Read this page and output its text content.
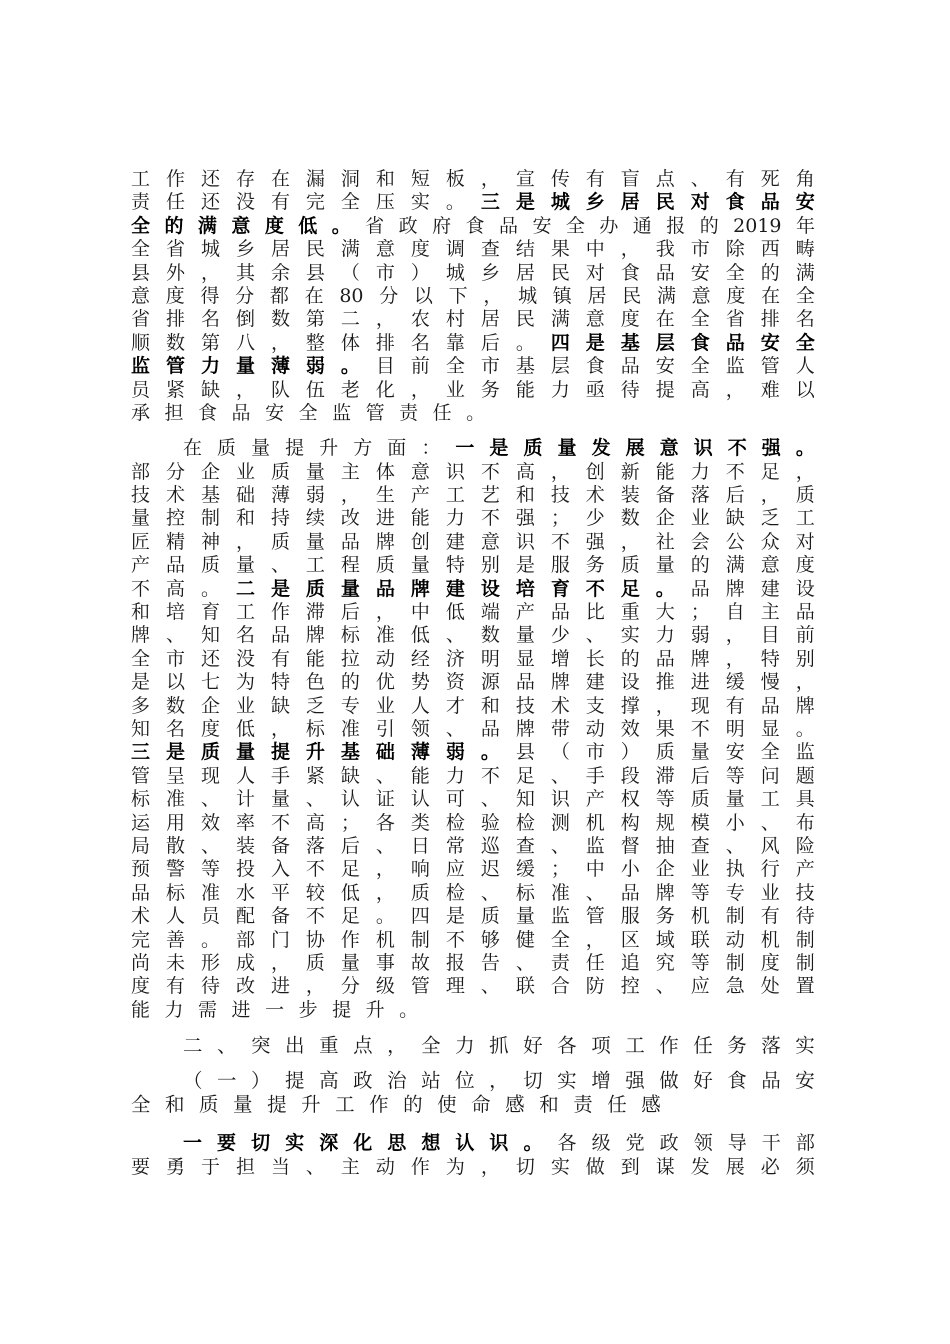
工 作 还 存 在 漏 洞 和 短 板 ， 宣 传 有 盲 点 、 有 死 角
责 任 还 没 有 完 全 压 实 。 三 是 城 乡 居 民 对 食 品 安
全 的 满 意 度 低 。 省 政 府 食 品 安 全 办 通 报 的 2019 年
全 省 城 乡 居 民 满 意 度 调 查 结 果 中 ， 我 市 除 西 畴
县 外 ， 其 余 县 （ 市 ） 城 乡 居 民 对 食 品 安 全 的 满
意 度 得 分 都 在 80 分 以 下 ， 城 镇 居 民 满 意 度 在 全
省 排 名 倒 数 第 二 ， 农 村 居 民 满 意 度 在 全 省 排 名
顺 数 第 八 ， 整 体 排 名 靠 后 。 四 是 基 层 食 品 安 全
监 管 力 量 薄 弱 。 目 前 全 市 基 层 食 品 安 全 监 管 人
员 紧 缺 ， 队 伍 老 化 ， 业 务 能 力 亟 待 提 高 ， 难 以
承 担 食 品 安 全 监 管 责 任 。
在 质 量 提 升 方 面 ： 一 是 质 量 发 展 意 识 不 强 。
部 分 企 业 质 量 主 体 意 识 不 高 ， 创 新 能 力 不 足 ，
技 术 基 础 薄 弱 ， 生 产 工 艺 和 技 术 装 备 落 后 ， 质
量 控 制 和 持 续 改 进 能 力 不 强 ； 少 数 企 业 缺 乏 工
匠 精 神 ， 质 量 品 牌 创 建 意 识 不 强 ， 社 会 公 众 对
产 品 质 量 、 工 程 质 量 特 别 是 服 务 质 量 的 满 意 度
不 高 。 二 是 质 量 品 牌 建 设 培 育 不 足 。 品 牌 建 设
和 培 育 工 作 滞 后 ， 中 低 端 产 品 比 重 大 ； 自 主 品
牌 、 知 名 品 牌 标 准 低 、 数 量 少 、 实 力 弱 ， 目 前
全 市 还 没 有 能 拉 动 经 济 明 显 增 长 的 品 牌 ， 特 别
是 以 七 为 特 色 的 优 势 资 源 品 牌 建 设 推 进 缓 慢 ，
多 数 企 业 缺 乏 专 业 人 才 和 技 术 支 撑 ， 现 有 品 牌
知 名 度 低 ， 标 准 引 领 、 品 牌 带 动 效 果 不 明 显 。
三 是 质 量 提 升 基 础 薄 弱 。 县 （ 市 ） 质 量 安 全 监
管 呈 现 人 手 紧 缺 、 能 力 不 足 、 手 段 滞 后 等 问 题
标 准 、 计 量 、 认 证 认 可 、 知 识 产 权 等 质 量 工 具
运 用 效 率 不 高 ； 各 类 检 验 检 测 机 构 规 模 小 、 布
局 散 、 装 备 落 后 、 日 常 巡 查 、 监 督 抽 查 、 风 险
预 警 等 投 入 不 足 ， 响 应 迟 缓 ； 中 小 企 业 执 行 产
品 标 准 水 平 较 低 ， 质 检 、 标 准 、 品 牌 等 专 业 技
术 人 员 配 备 不 足 。 四 是 质 量 监 管 服 务 机 制 有 待
完 善 。 部 门 协 作 机 制 不 够 健 全 ， 区 域 联 动 机 制
尚 未 形 成 ， 质 量 事 故 报 告 、 责 任 追 究 等 制 度 制
度 有 待 改 进 ， 分 级 管 理 、 联 合 防 控 、 应 急 处 置
能 力 需 进 一 步 提 升 。
二 、 突 出 重 点 ， 全 力 抓 好 各 项 工 作 任 务 落 实
（ 一 ） 提 高 政 治 站 位 ， 切 实 增 强 做 好 食 品 安
全 和 质 量 提 升 工 作 的 使 命 感 和 责 任 感
一 要 切 实 深 化 思 想 认 识 。 各 级 党 政 领 导 干 部
要 勇 于 担 当 、 主 动 作 为 ， 切 实 做 到 谋 发 展 必 须
